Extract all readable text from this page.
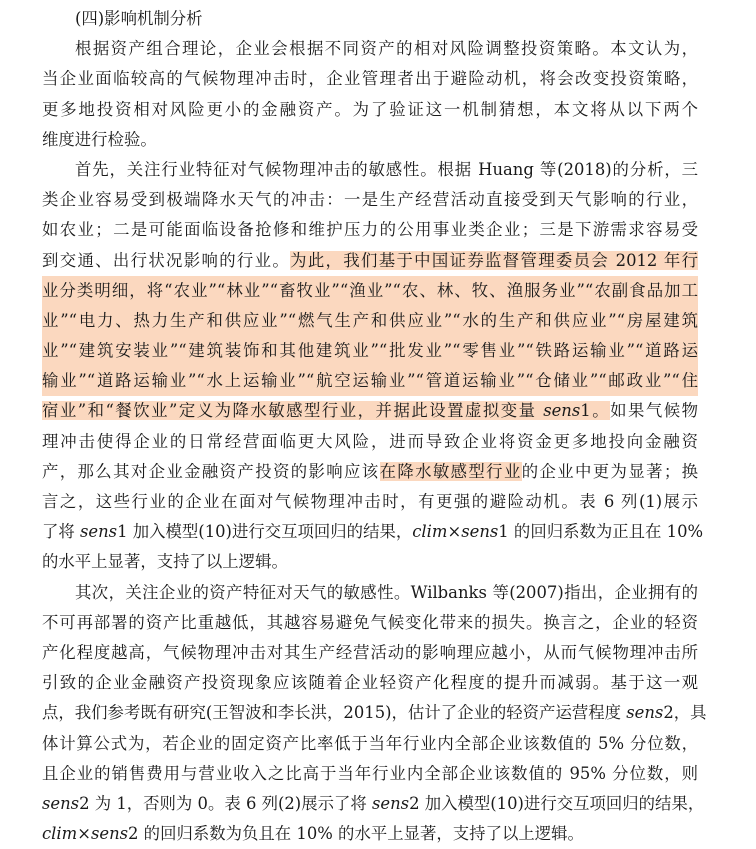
(四)影响机制分析
根据资产组合理论，企业会根据不同资产的相对风险调整投资策略。本文认为，
当企业面临较高的气候物理冲击时，企业管理者出于避险动机，将会改变投资策略，
更多地投资相对风险更小的金融资产。为了验证这一机制猜想，本文将从以下两个
维度进行检验。
首先，关注行业特征对气候物理冲击的敏感性。根据 Huang 等(2018)的分析，三
类企业容易受到极端降水天气的冲击：一是生产经营活动直接受到天气影响的行业，
如农业；二是可能面临设备抢修和维护压力的公用事业类企业；三是下游需求容易受
到交通、出行状况影响的行业。为此，我们基于中国证券监督管理委员会 2012 年行
业分类明细，将“农业”“林业”“畜牧业”“渔业”“农、林、牧、渔服务业”“农副食品加工
业”“电力、热力生产和供应业”“燃气生产和供应业”“水的生产和供应业”“房屋建筑
业”“建筑安装业”“建筑装饰和其他建筑业”“批发业”“零售业”“铁路运输业”“道路运
输业”“道路运输业”“水上运输业”“航空运输业”“管道运输业”“仓储业”“邮政业”“住
宿业”和“餐饮业”定义为降水敏感型行业，并据此设置虚拟变量 sens1。如果气候物
理冲击使得企业的日常经营面临更大风险，进而导致企业将资金更多地投向金融资
产，那么其对企业金融资产投资的影响应该在降水敏感型行业的企业中更为显著；换
言之，这些行业的企业在面对气候物理冲击时，有更强的避险动机。表 6 列(1)展示
了将 sens1 加入模型(10)进行交互项回归的结果，clim×sens1 的回归系数为正且在 10%
的水平上显著，支持了以上逻辑。
其次，关注企业的资产特征对天气的敏感性。Wilbanks 等(2007)指出，企业拥有的
不可再部署的资产比重越低，其越容易避免气候变化带来的损失。换言之，企业的轻资
产化程度越高，气候物理冲击对其生产经营活动的影响理应越小，从而气候物理冲击所
引致的企业金融资产投资现象应该随着企业轻资产化程度的提升而减弱。基于这一观
点，我们参考既有研究(王智波和李长洪，2015)，估计了企业的轻资产运营程度 sens2，具
体计算公式为，若企业的固定资产比率低于当年行业内全部企业该数值的 5% 分位数，
且企业的销售费用与营业收入之比高于当年行业内全部企业该数值的 95% 分位数，则
sens2 为 1，否则为 0。表 6 列(2)展示了将 sens2 加入模型(10)进行交互项回归的结果，
clim×sens2 的回归系数为负且在 10% 的水平上显著，支持了以上逻辑。
